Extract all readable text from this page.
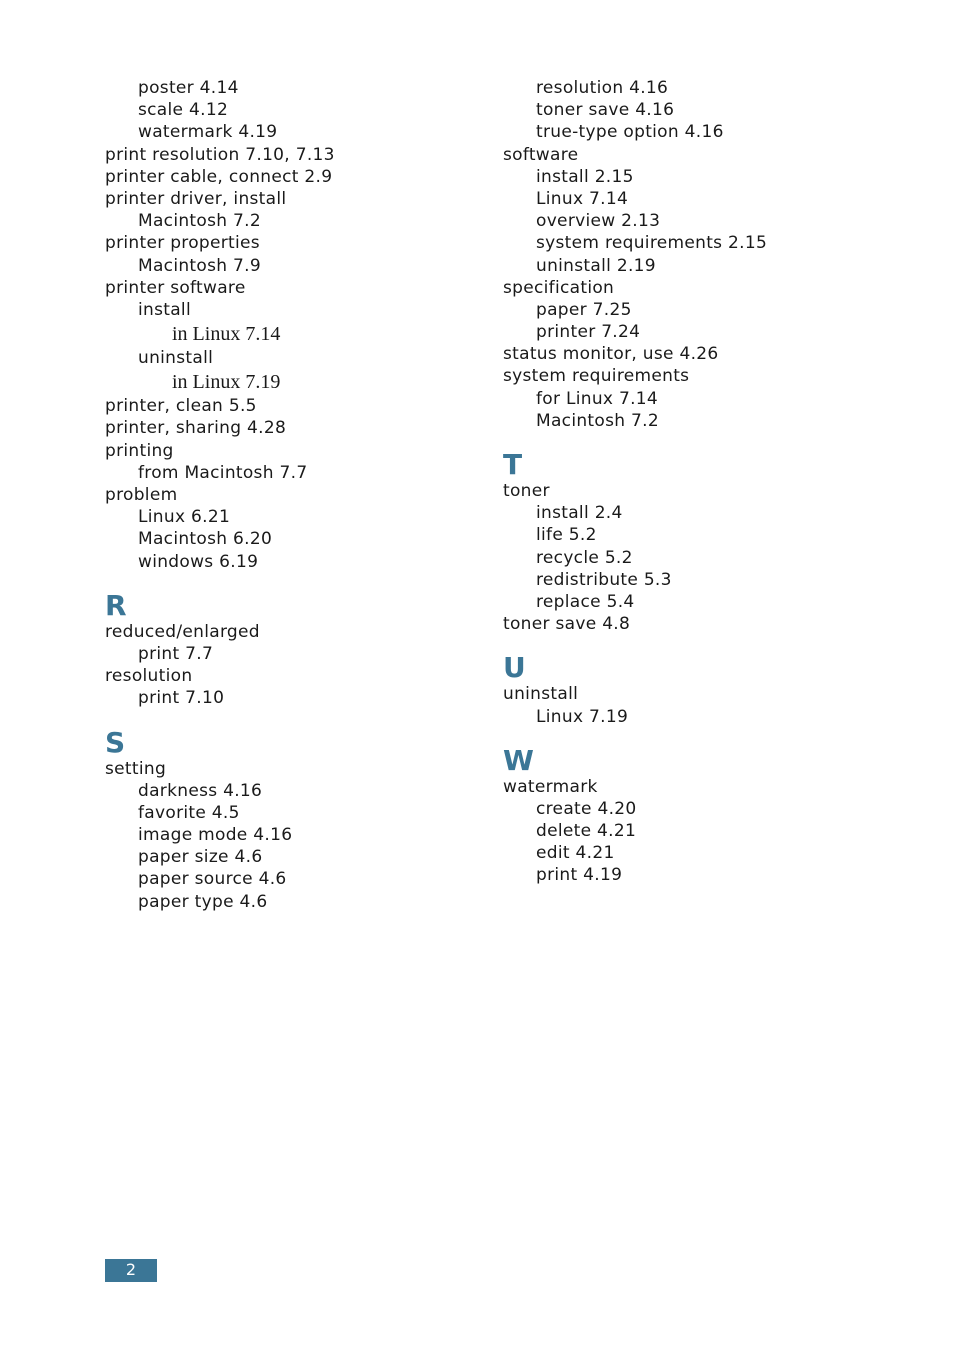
poster 4.14
scale 4.12
watermark 4.19
print resolution 7.10, 7.13
printer cable, connect 2.9
printer driver, install
Macintosh 7.2
printer properties
Macintosh 7.9
printer software
install
in Linux 7.14
uninstall
in Linux 7.19
printer, clean 5.5
printer, sharing 4.28
printing
from Macintosh 7.7
problem
Linux 6.21
Macintosh 6.20
windows 6.19
R
reduced/enlarged
print 7.7
resolution
print 7.10
S
setting
darkness 4.16
favorite 4.5
image mode 4.16
paper size 4.6
paper source 4.6
paper type 4.6
resolution 4.16
toner save 4.16
true-type option 4.16
software
install 2.15
Linux 7.14
overview 2.13
system requirements 2.15
uninstall 2.19
specification
paper 7.25
printer 7.24
status monitor, use 4.26
system requirements
for Linux 7.14
Macintosh 7.2
T
toner
install 2.4
life 5.2
recycle 5.2
redistribute 5.3
replace 5.4
toner save 4.8
U
uninstall
Linux 7.19
W
watermark
create 4.20
delete 4.21
edit 4.21
print 4.19
2
